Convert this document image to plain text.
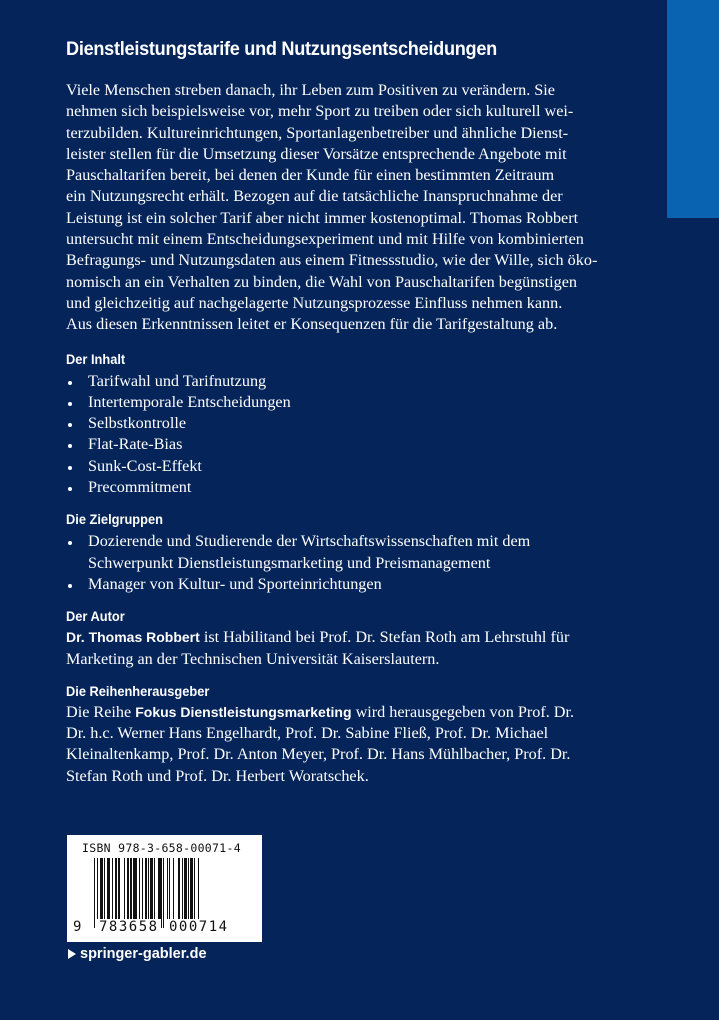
Dienstleistungstarife und Nutzungsentscheidungen
Viele Menschen streben danach, ihr Leben zum Positiven zu verändern. Sie
nehmen sich beispielsweise vor, mehr Sport zu treiben oder sich kulturell wei-
terzubilden. Kultureinrichtungen, Sportanlagenbetreiber und ähnliche Dienst-
leister stellen für die Umsetzung dieser Vorsätze entsprechende Angebote mit
Pauschaltarifen bereit, bei denen der Kunde für einen bestimmten Zeitraum
ein Nutzungsrecht erhält. Bezogen auf die tatsächliche Inanspruchnahme der
Leistung ist ein solcher Tarif aber nicht immer kostenoptimal. Thomas Robbert
untersucht mit einem Entscheidungsexperiment und mit Hilfe von kombinierten
Befragungs- und Nutzungsdaten aus einem Fitnessstudio, wie der Wille, sich öko-
nomisch an ein Verhalten zu binden, die Wahl von Pauschaltarifen begünstigen
und gleichzeitig auf nachgelagerte Nutzungsprozesse Einfluss nehmen kann.
Aus diesen Erkenntnissen leitet er Konsequenzen für die Tarifgestaltung ab.
Der Inhalt
Tarifwahl und Tarifnutzung
Intertemporale Entscheidungen
Selbstkontrolle
Flat-Rate-Bias
Sunk-Cost-Effekt
Precommitment
Die Zielgruppen
Dozierende und Studierende der Wirtschaftswissenschaften mit dem
Schwerpunkt Dienstleistungsmarketing und Preismanagement
Manager von Kultur- und Sporteinrichtungen
Der Autor
Dr. Thomas Robbert ist Habilitand bei Prof. Dr. Stefan Roth am Lehrstuhl für
Marketing an der Technischen Universität Kaiserslautern.
Die Reihenherausgeber
Die Reihe Fokus Dienstleistungsmarketing wird herausgegeben von Prof. Dr.
Dr. h.c. Werner Hans Engelhardt, Prof. Dr. Sabine Fließ, Prof. Dr. Michael
Kleinaltenkamp, Prof. Dr. Anton Meyer, Prof. Dr. Hans Mühlbacher, Prof. Dr.
Stefan Roth und Prof. Dr. Herbert Woratschek.
ISBN 978-3-658-00071-4
9 783658 000714
springer-gabler.de
